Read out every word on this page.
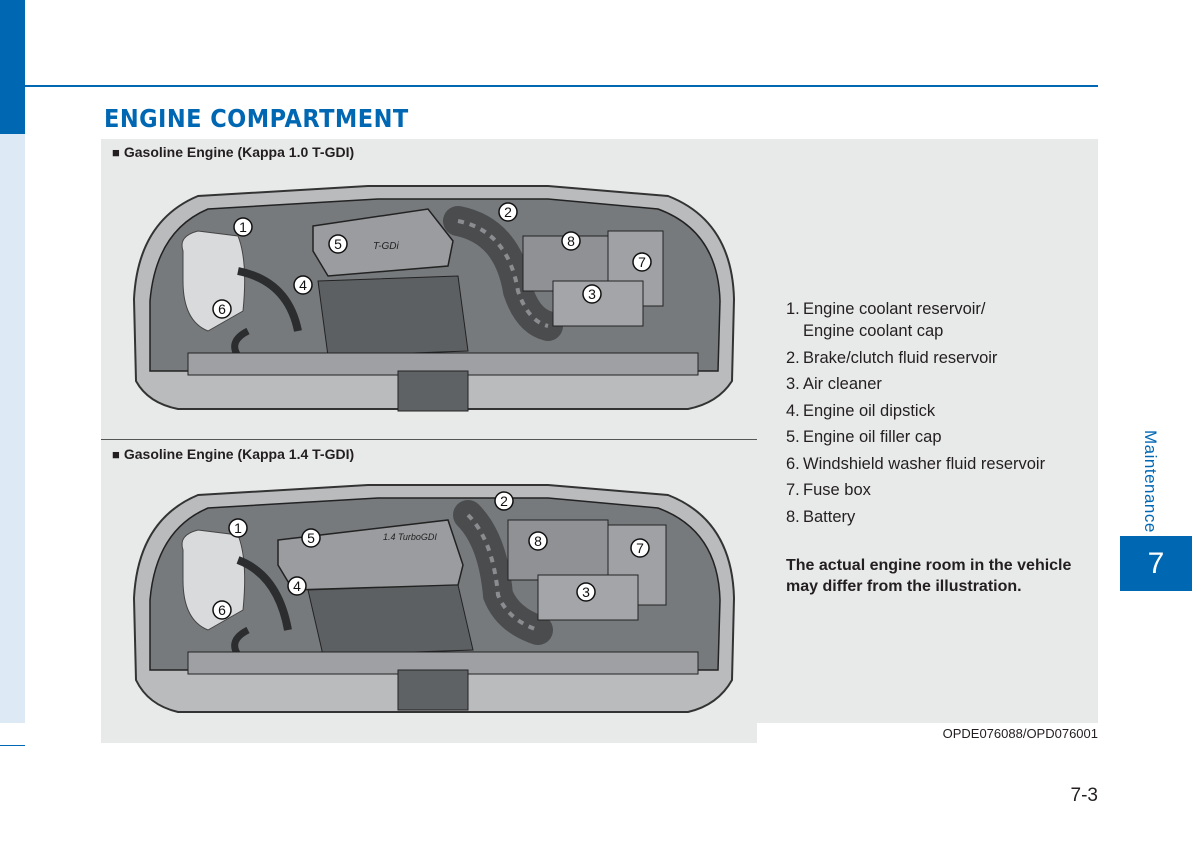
ENGINE COMPARTMENT
■ Gasoline Engine (Kappa 1.0 T-GDI)
T-GDi
1
2
3
4
5
6
7
8
■ Gasoline Engine (Kappa 1.4 T-GDI)
1.4 TurboGDI
1
2
3
4
5
6
7
8
1. Engine coolant reservoir/
Engine coolant cap
2. Brake/clutch fluid reservoir
3. Air cleaner
4. Engine oil dipstick
5. Engine oil filler cap
6. Windshield washer fluid reservoir
7. Fuse box
8. Battery
The actual engine room in the vehicle may differ from the illustration.
OPDE076088/OPD076001
Maintenance
7
7-3
